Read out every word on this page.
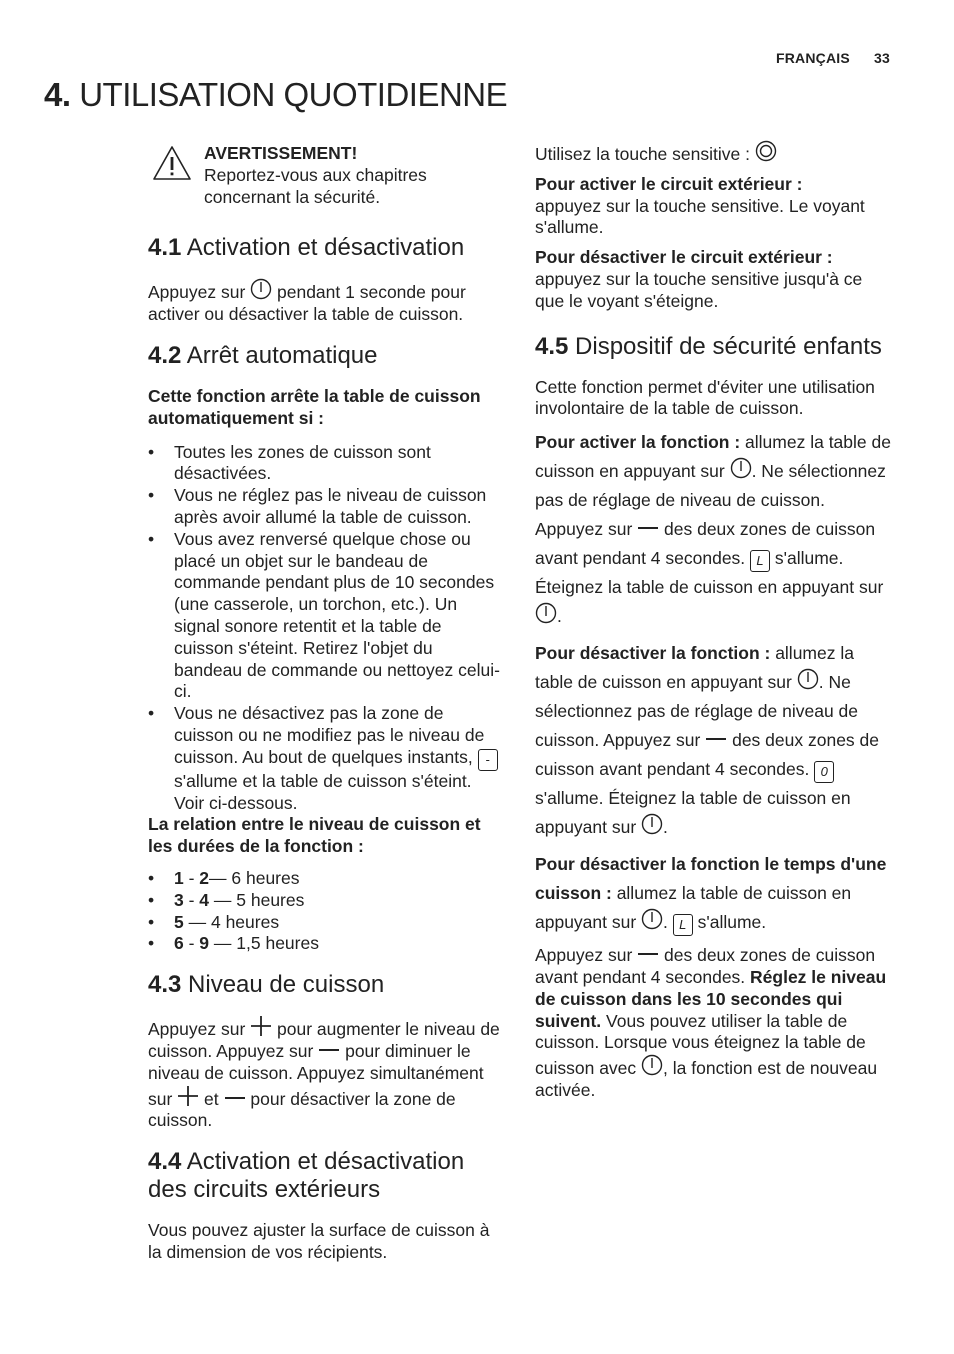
FRANÇAIS 33
4. UTILISATION QUOTIDIENNE
AVERTISSEMENT!
Reportez-vous aux chapitres concernant la sécurité.
4.1 Activation et désactivation

Appuyez sur  pendant 1 seconde pour activer ou désactiver la table de cuisson.

4.2 Arrêt automatique

Cette fonction arrête la table de cuisson automatiquement si :

• Toutes les zones de cuisson sont désactivées.
• Vous ne réglez pas le niveau de cuisson après avoir allumé la table de cuisson.
• Vous avez renversé quelque chose ou placé un objet sur le bandeau de commande pendant plus de 10 secondes (une casserole, un torchon, etc.). Un signal sonore retentit et la table de cuisson s'éteint. Retirez l'objet du bandeau de commande ou nettoyez celui-ci.
• Vous ne désactivez pas la zone de cuisson ou ne modifiez pas le niveau de cuisson. Au bout de quelques instants, - s'allume et la table de cuisson s'éteint. Voir ci-dessous.

La relation entre le niveau de cuisson et les durées de la fonction :

• 1 - 2— 6 heures
• 3 - 4 — 5 heures
• 5 — 4 heures
• 6 - 9 — 1,5 heures
4.3 Niveau de cuisson

Appuyez sur  pour augmenter le niveau de cuisson. Appuyez sur  pour diminuer le niveau de cuisson. Appuyez simultanément sur  et  pour désactiver la zone de cuisson.

4.4 Activation et désactivation des circuits extérieurs

Vous pouvez ajuster la surface de cuisson à la dimension de vos récipients.

Utilisez la touche sensitive :

Pour activer le circuit extérieur :
appuyez sur la touche sensitive. Le voyant s'allume.

Pour désactiver le circuit extérieur :
appuyez sur la touche sensitive jusqu'à ce que le voyant s'éteigne.

4.5 Dispositif de sécurité enfants

Cette fonction permet d'éviter une utilisation involontaire de la table de cuisson.

Pour activer la fonction : allumez la table de cuisson en appuyant sur . Ne sélectionnez pas de réglage de niveau de cuisson. Appuyez sur  des deux zones de cuisson avant pendant 4 secondes. L s'allume. Éteignez la table de cuisson en appuyant sur .

Pour désactiver la fonction : allumez la table de cuisson en appuyant sur . Ne sélectionnez pas de réglage de niveau de cuisson. Appuyez sur  des deux zones de cuisson avant pendant 4 secondes. 0 s'allume. Éteignez la table de cuisson en appuyant sur .

Pour désactiver la fonction le temps d'une cuisson : allumez la table de cuisson en appuyant sur . L s'allume.

Appuyez sur  des deux zones de cuisson avant pendant 4 secondes. Réglez le niveau de cuisson dans les 10 secondes qui suivent. Vous pouvez utiliser la table de cuisson. Lorsque vous éteignez la table de cuisson avec , la fonction est de nouveau activée.
